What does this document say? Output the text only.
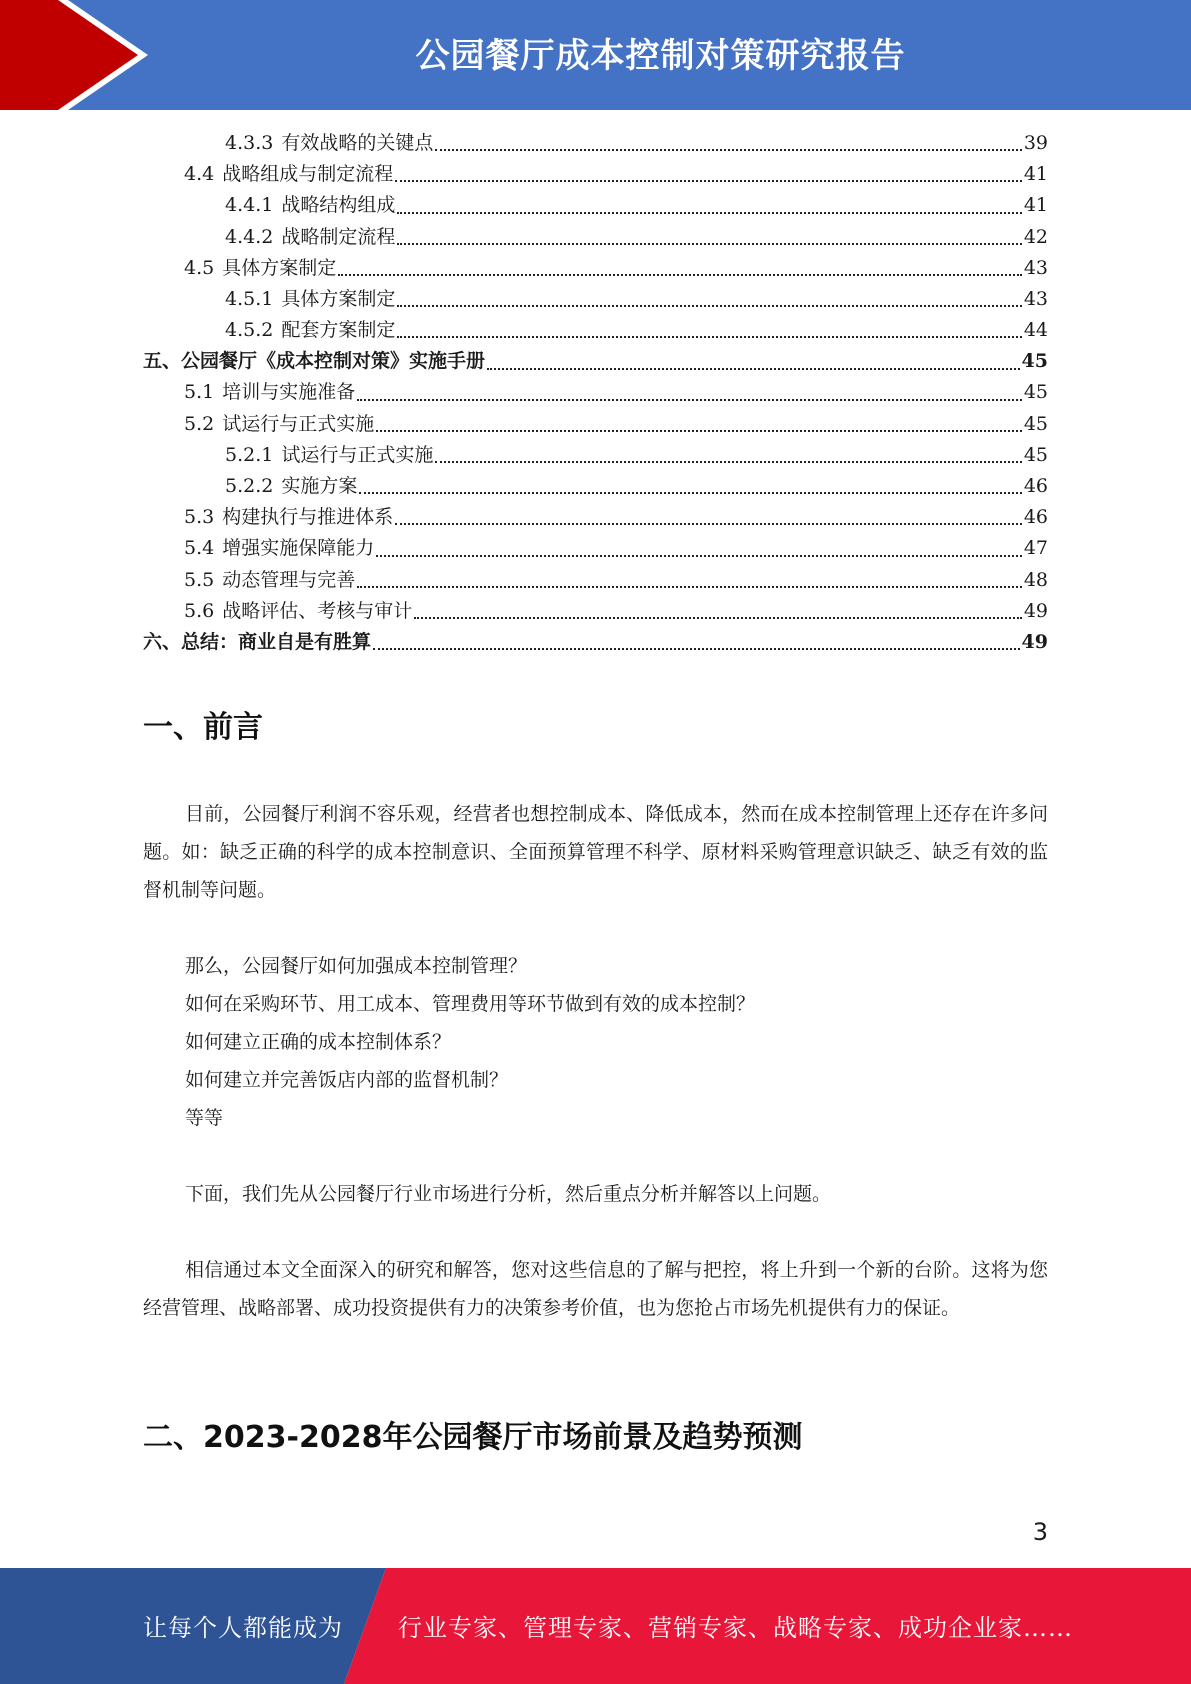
公园餐厅成本控制对策研究报告
4.3.3 有效战略的关键点	39
4.4 战略组成与制定流程	41
4.4.1 战略结构组成	41
4.4.2 战略制定流程	42
4.5 具体方案制定	43
4.5.1 具体方案制定	43
4.5.2 配套方案制定	44
五、公园餐厅《成本控制对策》实施手册	45
5.1 培训与实施准备	45
5.2 试运行与正式实施	45
5.2.1 试运行与正式实施	45
5.2.2 实施方案	46
5.3 构建执行与推进体系	46
5.4 增强实施保障能力	47
5.5 动态管理与完善	48
5.6 战略评估、考核与审计	49
六、总结：商业自是有胜算	49
一、前言
目前，公园餐厅利润不容乐观，经营者也想控制成本、降低成本，然而在成本控制管理上还存在许多问题。如：缺乏正确的科学的成本控制意识、全面预算管理不科学、原材料采购管理意识缺乏、缺乏有效的监督机制等问题。
那么，公园餐厅如何加强成本控制管理？
如何在采购环节、用工成本、管理费用等环节做到有效的成本控制？
如何建立正确的成本控制体系？
如何建立并完善饭店内部的监督机制？
等等
下面，我们先从公园餐厅行业市场进行分析，然后重点分析并解答以上问题。
相信通过本文全面深入的研究和解答，您对这些信息的了解与把控，将上升到一个新的台阶。这将为您经营管理、战略部署、成功投资提供有力的决策参考价值，也为您抢占市场先机提供有力的保证。
二、2023-2028年公园餐厅市场前景及趋势预测
3
让每个人都能成为 行业专家、管理专家、营销专家、战略专家、成功企业家……
